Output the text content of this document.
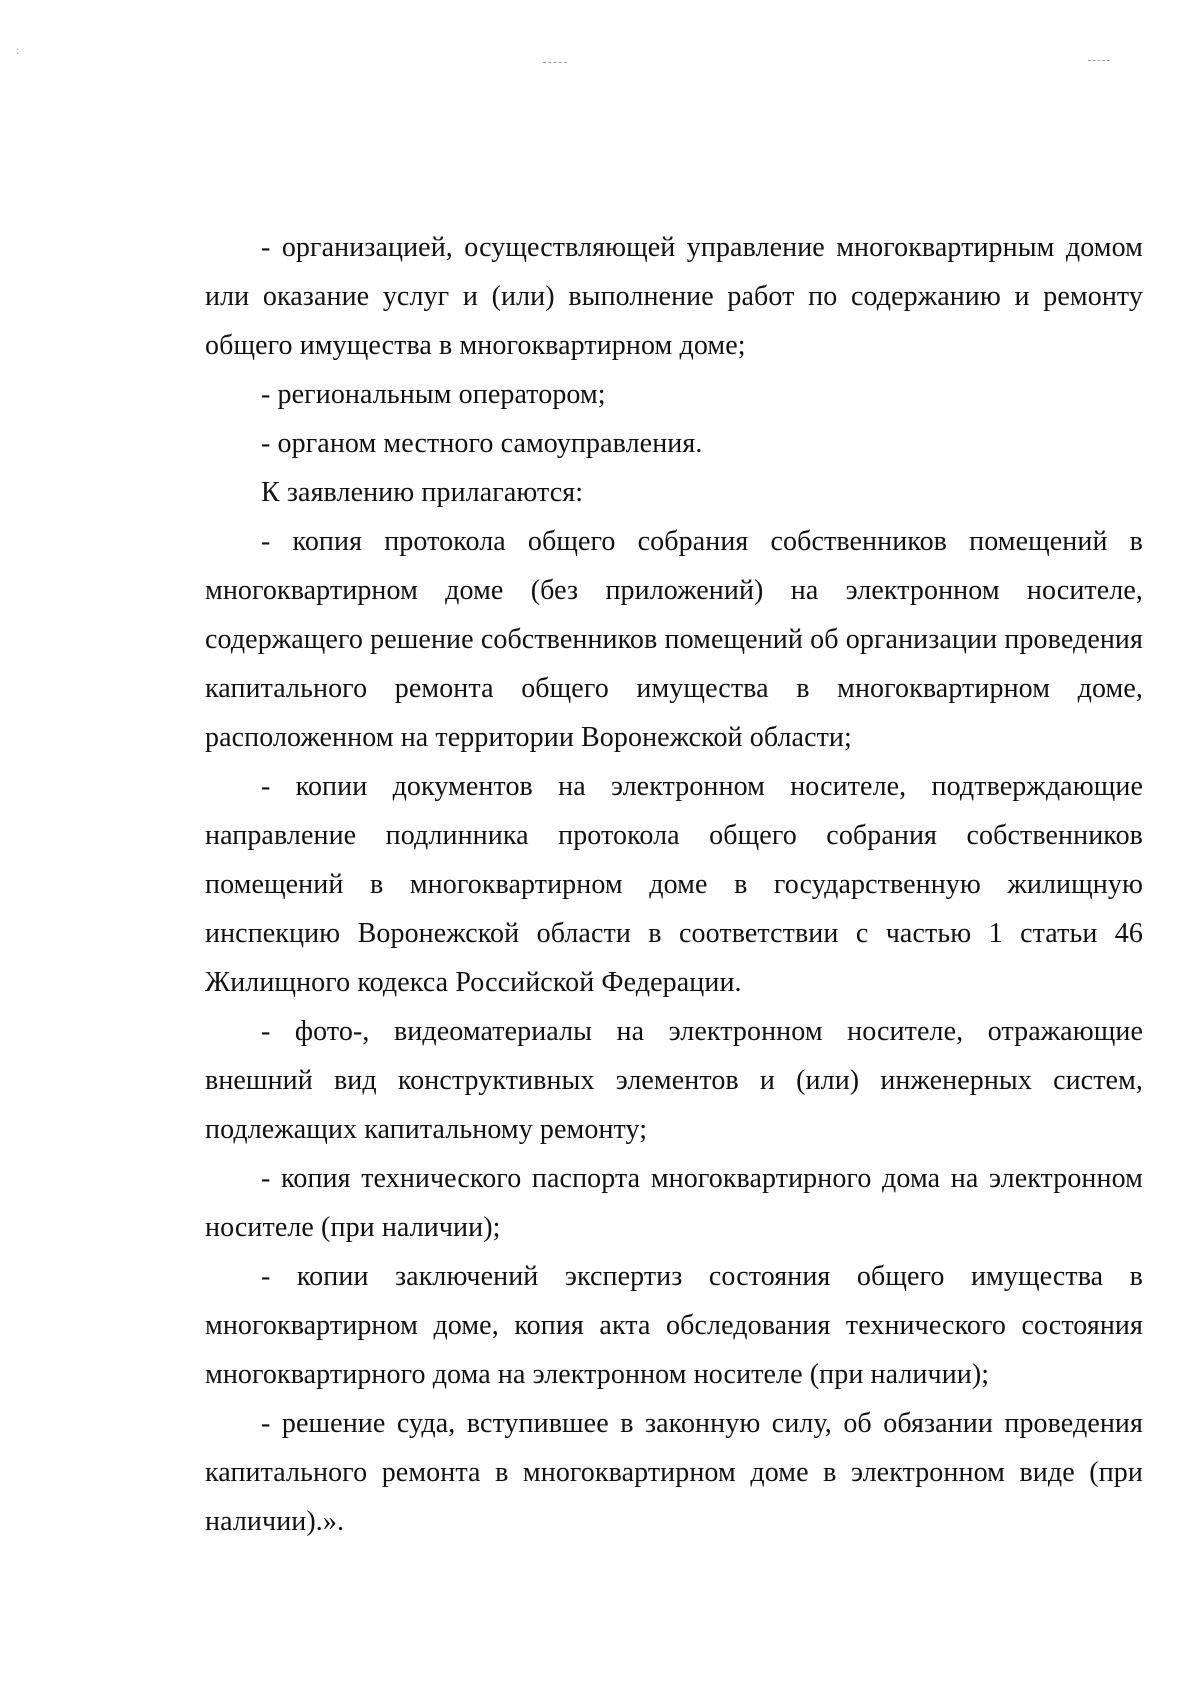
:

- организацией, осуществляющей управление многоквартирным домом или оказание услуг и (или) выполнение работ по содержанию и ремонту общего имущества в многоквартирном доме;

- региональным оператором;

- органом местного самоуправления.

К заявлению прилагаются:

- копия протокола общего собрания собственников помещений в многоквартирном доме (без приложений) на электронном носителе, содержащего решение собственников помещений об организации проведения капитального ремонта общего имущества в многоквартирном доме, расположенном на территории Воронежской области;

- копии документов на электронном носителе, подтверждающие направление подлинника протокола общего собрания собственников помещений в многоквартирном доме в государственную жилищную инспекцию Воронежской области в соответствии с частью 1 статьи 46 Жилищного кодекса Российской Федерации.

- фото-, видеоматериалы на электронном носителе, отражающие внешний вид конструктивных элементов и (или) инженерных систем, подлежащих капитальному ремонту;

- копия технического паспорта многоквартирного дома на электронном носителе (при наличии);

- копии заключений экспертиз состояния общего имущества в многоквартирном доме, копия акта обследования технического состояния многоквартирного дома на электронном носителе (при наличии);

- решение суда, вступившее в законную силу, об обязании проведения капитального ремонта в многоквартирном доме в электронном виде (при наличии).».
